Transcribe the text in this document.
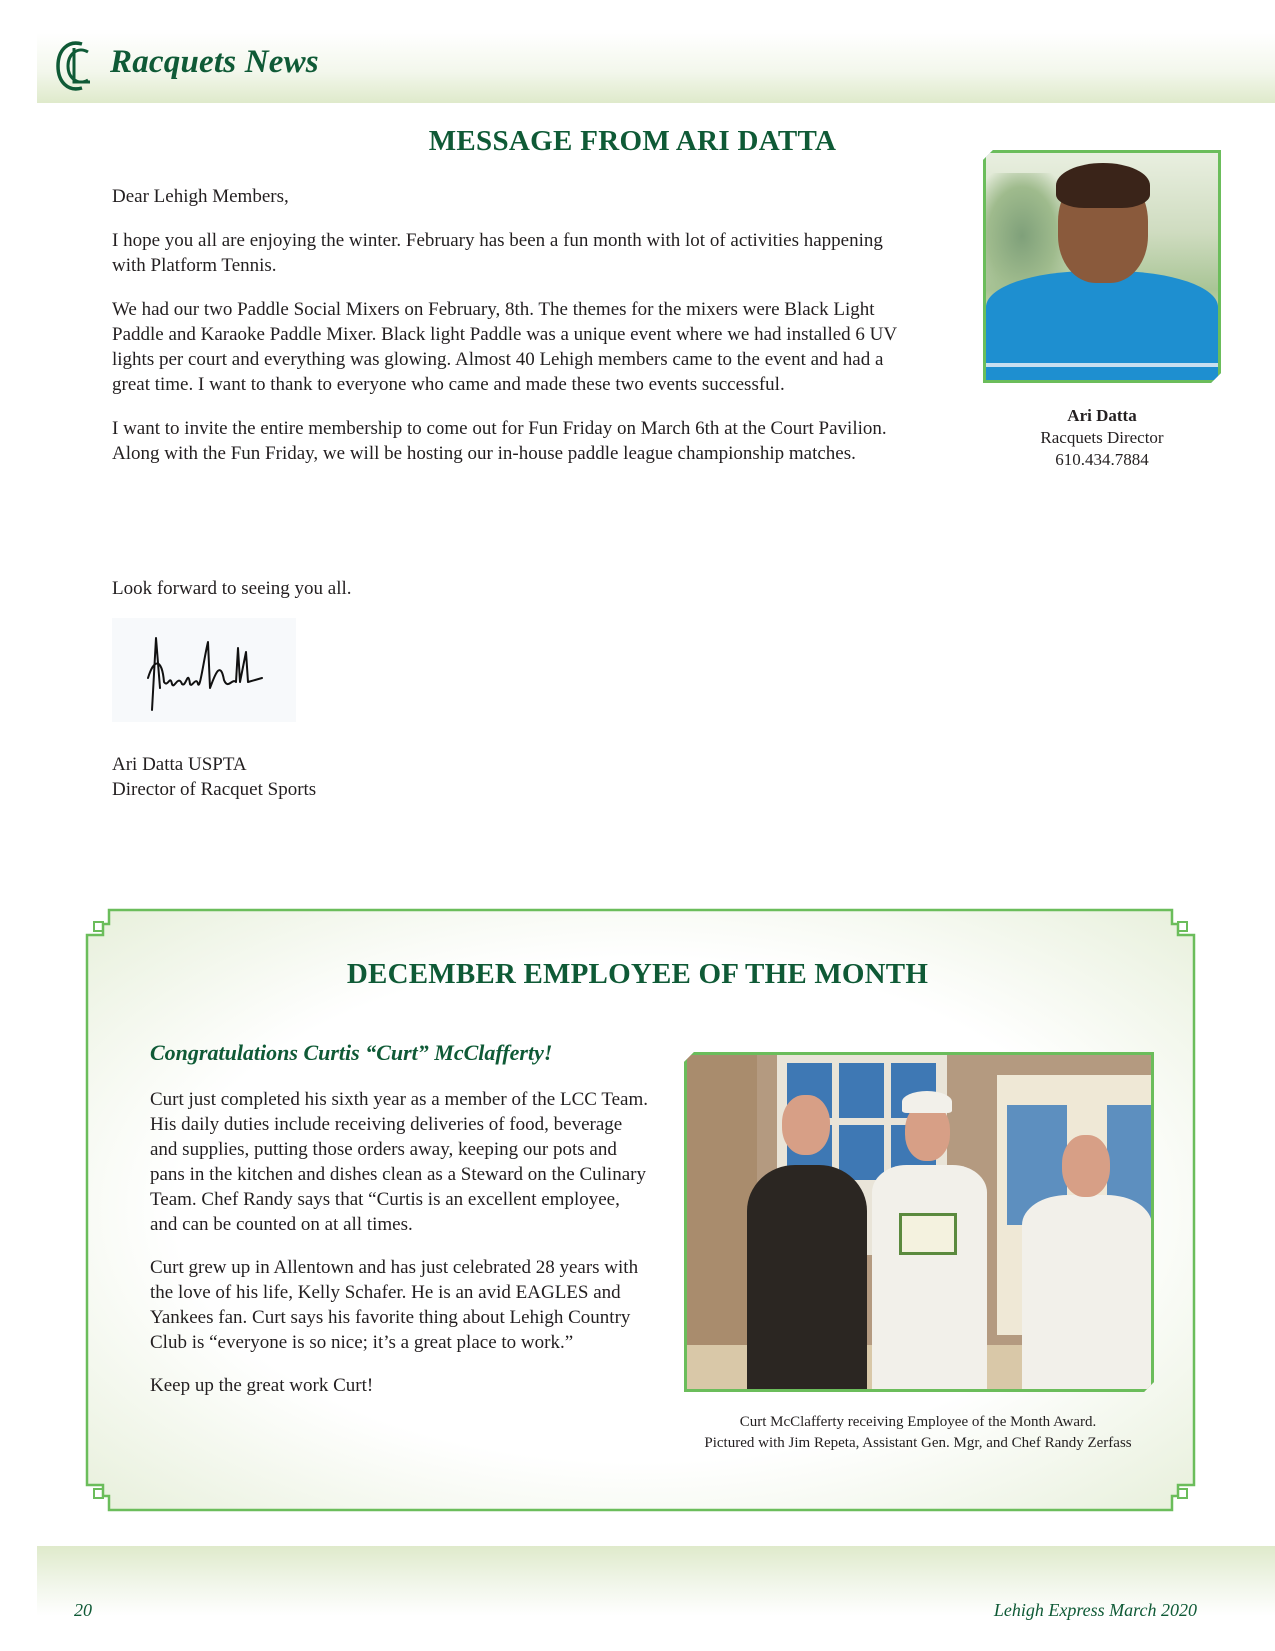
Racquets News
MESSAGE FROM ARI DATTA

Dear Lehigh Members,

I hope you all are enjoying the winter. February has been a fun month with lot of activities happening with Platform Tennis.

We had our two Paddle Social Mixers on February, 8th. The themes for the mixers were Black Light Paddle and Karaoke Paddle Mixer. Black light Paddle was a unique event where we had installed 6 UV lights per court and everything was glowing. Almost 40 Lehigh members came to the event and had a great time. I want to thank to everyone who came and made these two events successful.

I want to invite the entire membership to come out for Fun Friday on March 6th at the Court Pavilion. Along with the Fun Friday, we will be hosting our in-house paddle league championship matches.

Look forward to seeing you all.
Ari Datta USPTA
Director of Racquet Sports
Ari Datta
Racquets Director
610.434.7884
DECEMBER EMPLOYEE OF THE MONTH
Congratulations Curtis “Curt” McClafferty!

Curt just completed his sixth year as a member of the LCC Team. His daily duties include receiving deliveries of food, beverage and supplies, putting those orders away, keeping our pots and pans in the kitchen and dishes clean as a Steward on the Culinary Team. Chef Randy says that “Curtis is an excellent employee, and can be counted on at all times.

Curt grew up in Allentown and has just celebrated 28 years with the love of his life, Kelly Schafer. He is an avid EAGLES and Yankees fan. Curt says his favorite thing about Lehigh Country Club is “everyone is so nice; it’s a great place to work.”

Keep up the great work Curt!

Curt McClafferty receiving Employee of the Month Award.
Pictured with Jim Repeta, Assistant Gen. Mgr, and Chef Randy Zerfass
20	Lehigh Express March 2020
